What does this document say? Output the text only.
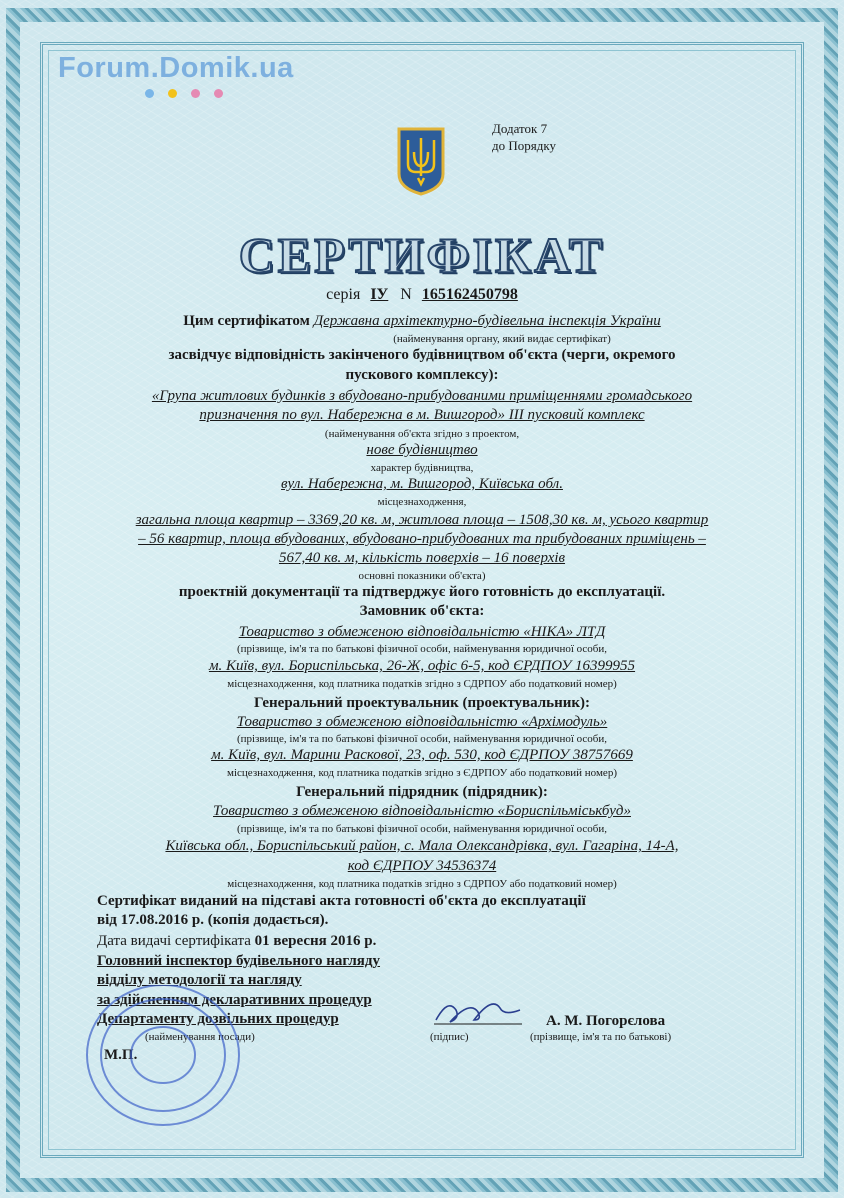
Forum.Domik.ua
Додаток 7
до Порядку
СЕРТИФІКАТ
серія ІУ N 165162450798
Цим сертифікатом Державна архітектурно-будівельна інспекція України
(найменування органу, який видає сертифікат)
засвідчує відповідність закінченого будівництвом об'єкта (черги, окремого
пускового комплексу):
«Група житлових будинків з вбудовано-прибудованими приміщеннями громадського
призначення по вул. Набережна в м. Вишгород» ІІІ пусковий комплекс
(найменування об'єкта згідно з проектом,
нове будівництво
характер будівництва,
вул. Набережна, м. Вишгород, Київська обл.
місцезнаходження,
загальна площа квартир – 3369,20 кв. м, житлова площа – 1508,30 кв. м, усього квартир
– 56 квартир, площа вбудованих, вбудовано-прибудованих та прибудованих приміщень –
567,40 кв. м, кількість поверхів – 16 поверхів
основні показники об'єкта)
проектній документації та підтверджує його готовність до експлуатації.
Замовник об'єкта:
Товариство з обмеженою відповідальністю «НІКА» ЛТД
(прізвище, ім'я та по батькові фізичної особи, найменування юридичної особи,
м. Київ, вул. Бориспільська, 26-Ж, офіс 6-5, код ЄРДПОУ 16399955
місцезнаходження, код платника податків згідно з СДРПОУ або податковий номер)
Генеральний проектувальник (проектувальник):
Товариство з обмеженою відповідальністю «Архімодуль»
(прізвище, ім'я та по батькові фізичної особи, найменування юридичної особи,
м. Київ, вул. Марини Раскової, 23, оф. 530, код ЄДРПОУ 38757669
місцезнаходження, код платника податків згідно з ЄДРПОУ або податковий номер)
Генеральний підрядник (підрядник):
Товариство з обмеженою відповідальністю «Бориспільміськбуд»
(прізвище, ім'я та по батькові фізичної особи, найменування юридичної особи,
Київська обл., Бориспільський район, с. Мала Олександрівка, вул. Гагаріна, 14-А,
код ЄДРПОУ 34536374
місцезнаходження, код платника податків згідно з СДРПОУ або податковий номер)
Сертифікат виданий на підставі акта готовності об'єкта до експлуатації
від 17.08.2016 р. (копія додається).
Дата видачі сертифіката 01 вересня 2016 р.
Головний інспектор будівельного нагляду
відділу методології та нагляду
за здійсненням декларативних процедур
Департаменту дозвільних процедур	А. М. Погорєлова
(найменування посади)	(підпис)	(прізвище, ім'я та по батькові)
М.П.
